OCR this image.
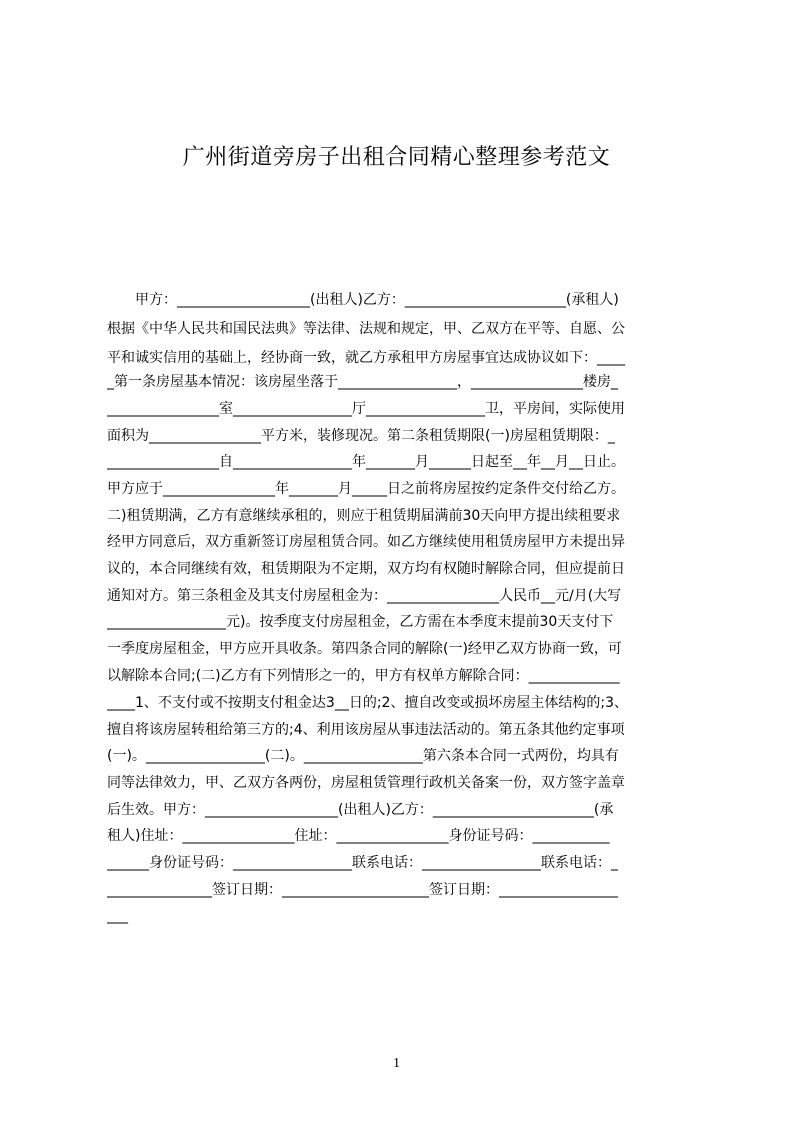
广州街道旁房子出租合同精心整理参考范文
　　甲方：___________________(出租人)乙方：_______________________(承租人)
根据《中华人民共和国民法典》等法律、法规和规定，甲、乙双方在平等、自愿、公
平和诚实信用的基础上，经协商一致，就乙方承租甲方房屋事宜达成协议如下：____
_第一条房屋基本情况：该房屋坐落于_________________，________________楼房_
________________室_________________厅_________________卫，平房间，实际使用
面积为________________平方米，装修现况。第二条租赁期限(一)房屋租赁期限：_
________________自_________________年_______月______日起至__年__月__日止。
甲方应于________________年_______月_____日之前将房屋按约定条件交付给乙方。
二)租赁期满，乙方有意继续承租的，则应于租赁期届满前30天向甲方提出续租要求
经甲方同意后，双方重新签订房屋租赁合同。如乙方继续使用租赁房屋甲方未提出异
议的，本合同继续有效，租赁期限为不定期，双方均有权随时解除合同，但应提前日
通知对方。第三条租金及其支付房屋租金为：________________人民币__元/月(大写
_________________元)。按季度支付房屋租金，乙方需在本季度末提前30天支付下
一季度房屋租金，甲方应开具收条。第四条合同的解除(一)经甲乙双方协商一致，可
以解除本合同;(二)乙方有下列情形之一的，甲方有权单方解除合同：_____________
____1、不支付或不按期支付租金达3__日的;2、擅自改变或损坏房屋主体结构的;3、
擅自将该房屋转租给第三方的;4、利用该房屋从事违法活动的。第五条其他约定事项
(一)。_________________(二)。_________________第六条本合同一式两份，均具有
同等法律效力，甲、乙双方各两份，房屋租赁管理行政机关备案一份，双方签字盖章
后生效。甲方：___________________(出租人)乙方：_______________________(承
租人)住址：________________住址：________________身份证号码：___________
______身份证号码：_________________联系电话：_________________联系电话：_
_______________签订日期：_____________________签订日期：_________________
___
1
